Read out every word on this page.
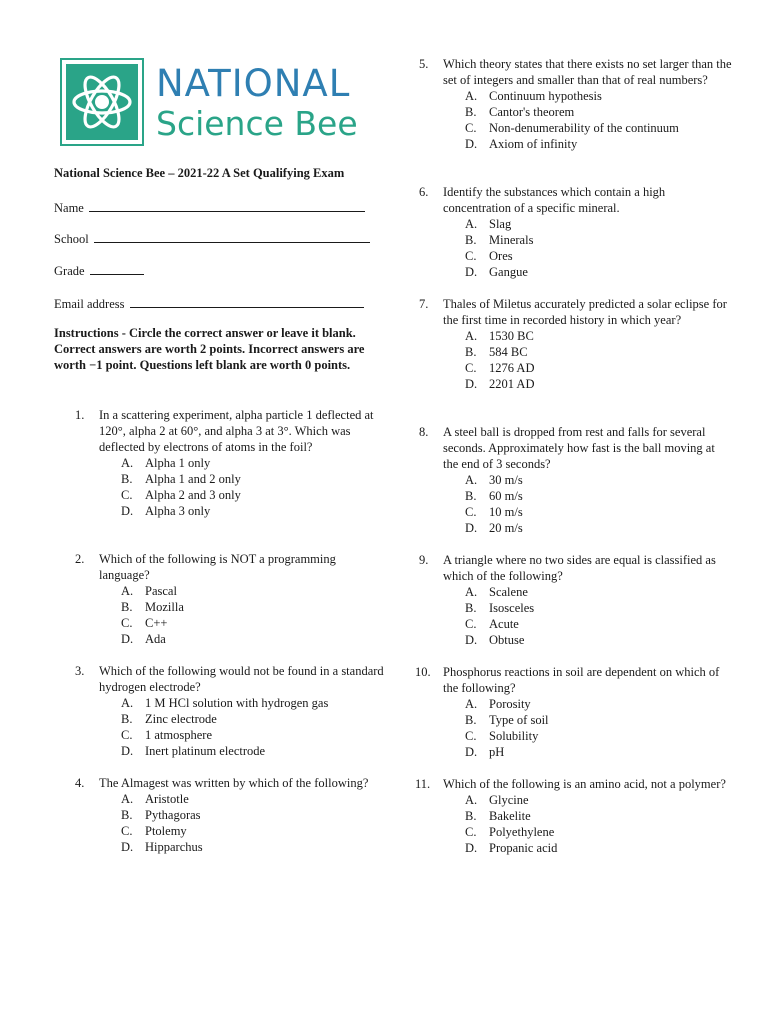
NATIONAL
Science Bee
National Science Bee – 2021-22 A Set Qualifying Exam
Name
School
Grade
Email address
Instructions - Circle the correct answer or leave it blank. Correct answers are worth 2 points. Incorrect answers are worth −1 point. Questions left blank are worth 0 points.
1. In a scattering experiment, alpha particle 1 deflected at 120°, alpha 2 at 60°, and alpha 3 at 3°. Which was deflected by electrons of atoms in the foil?

A. Alpha 1 only
B. Alpha 1 and 2 only
C. Alpha 2 and 3 only
D. Alpha 3 only
2. Which of the following is NOT a programming language?

A. Pascal
B. Mozilla
C. C++
D. Ada
3. Which of the following would not be found in a standard hydrogen electrode?

A. 1 M HCl solution with hydrogen gas
B. Zinc electrode
C. 1 atmosphere
D. Inert platinum electrode
4. The Almagest was written by which of the following?

A. Aristotle
B. Pythagoras
C. Ptolemy
D. Hipparchus
5. Which theory states that there exists no set larger than the set of integers and smaller than that of real numbers?

A. Continuum hypothesis
B. Cantor's theorem
C. Non-denumerability of the continuum
D. Axiom of infinity
6. Identify the substances which contain a high concentration of a specific mineral.

A. Slag
B. Minerals
C. Ores
D. Gangue
7. Thales of Miletus accurately predicted a solar eclipse for the first time in recorded history in which year?

A. 1530 BC
B. 584 BC
C. 1276 AD
D. 2201 AD
8. A steel ball is dropped from rest and falls for several seconds. Approximately how fast is the ball moving at the end of 3 seconds?

A. 30 m/s
B. 60 m/s
C. 10 m/s
D. 20 m/s
9. A triangle where no two sides are equal is classified as which of the following?

A. Scalene
B. Isosceles
C. Acute
D. Obtuse
10. Phosphorus reactions in soil are dependent on which of the following?

A. Porosity
B. Type of soil
C. Solubility
D. pH
11. Which of the following is an amino acid, not a polymer?

A. Glycine
B. Bakelite
C. Polyethylene
D. Propanic acid
